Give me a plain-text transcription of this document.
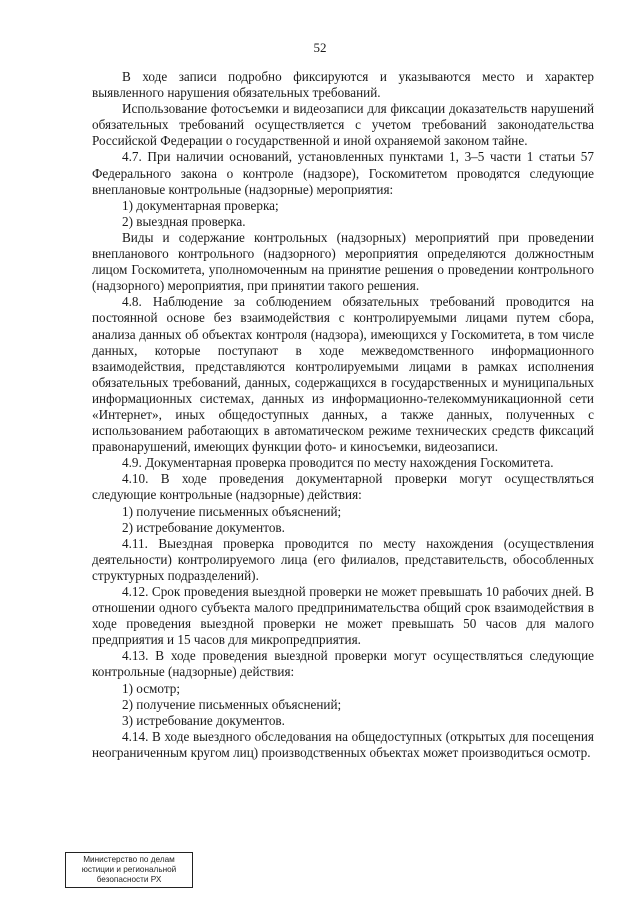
52

В ходе записи подробно фиксируются и указываются место и характер выявленного нарушения обязательных требований.

Использование фотосъемки и видеозаписи для фиксации доказательств нарушений обязательных требований осуществляется с учетом требований законодательства Российской Федерации о государственной и иной охраняемой законом тайне.

4.7. При наличии оснований, установленных пунктами 1, 3–5 части 1 статьи 57 Федерального закона о контроле (надзоре), Госкомитетом проводятся следующие внеплановые контрольные (надзорные) мероприятия:

1) документарная проверка;

2) выездная проверка.

Виды и содержание контрольных (надзорных) мероприятий при проведении внепланового контрольного (надзорного) мероприятия определяются должностным лицом Госкомитета, уполномоченным на принятие решения о проведении контрольного (надзорного) мероприятия, при принятии такого решения.

4.8. Наблюдение за соблюдением обязательных требований проводится на постоянной основе без взаимодействия с контролируемыми лицами путем сбора, анализа данных об объектах контроля (надзора), имеющихся у Госкомитета, в том числе данных, которые поступают в ходе межведомственного информационного взаимодействия, представляются контролируемыми лицами в рамках исполнения обязательных требований, данных, содержащихся в государственных и муниципальных информационных системах, данных из информационно-телекоммуникационной сети «Интернет», иных общедоступных данных, а также данных, полученных с использованием работающих в автоматическом режиме технических средств фиксаций правонарушений, имеющих функции фото- и киносъемки, видеозаписи.

4.9. Документарная проверка проводится по месту нахождения Госкомитета.

4.10. В ходе проведения документарной проверки могут осуществляться следующие контрольные (надзорные) действия:

1) получение письменных объяснений;

2) истребование документов.

4.11. Выездная проверка проводится по месту нахождения (осуществления деятельности) контролируемого лица (его филиалов, представительств, обособленных структурных подразделений).

4.12. Срок проведения выездной проверки не может превышать 10 рабочих дней. В отношении одного субъекта малого предпринимательства общий срок взаимодействия в ходе проведения выездной проверки не может превышать 50 часов для малого предприятия и 15 часов для микропредприятия.

4.13. В ходе проведения выездной проверки могут осуществляться следующие контрольные (надзорные) действия:

1) осмотр;

2) получение письменных объяснений;

3) истребование документов.

4.14. В ходе выездного обследования на общедоступных (открытых для посещения неограниченным кругом лиц) производственных объектах может производиться осмотр.

Министерство по делам
юстиции и региональной
безопасности РХ
